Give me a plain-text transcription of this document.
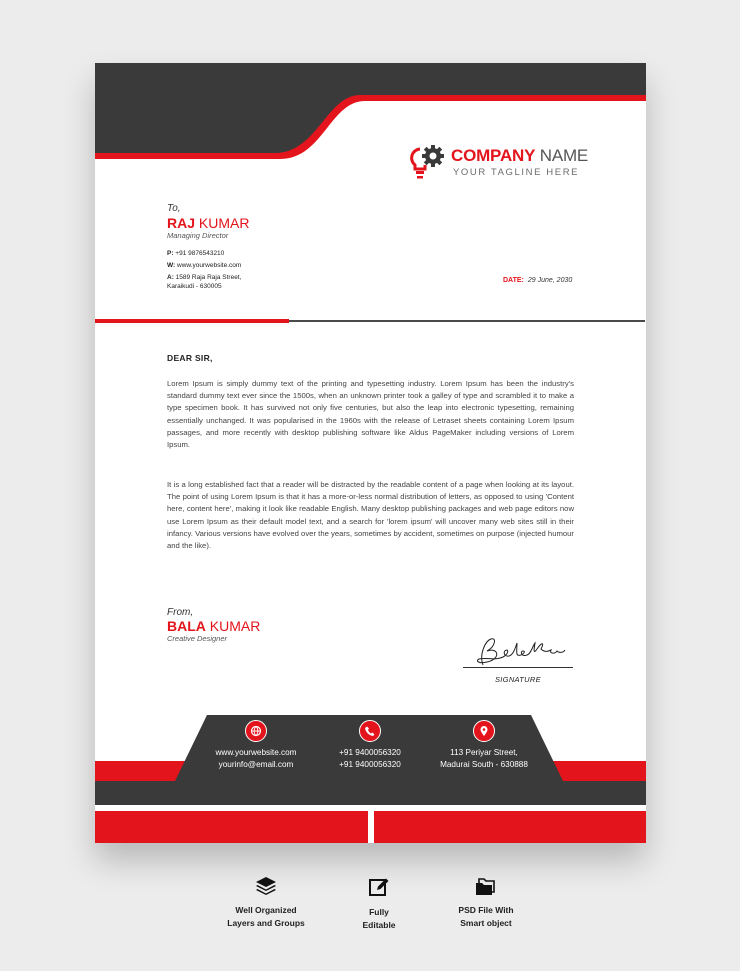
COMPANY NAME
YOUR TAGLINE HERE
To,
RAJ KUMAR
Managing Director
P: +91 9876543210
W: www.yourwebsite.com
A: 1589 Raja Raja Street,
Karaikudi - 630005
DATE: 29 June, 2030
DEAR SIR,
Lorem Ipsum is simply dummy text of the printing and typesetting industry. Lorem Ipsum has been the industry's standard dummy text ever since the 1500s, when an unknown printer took a galley of type and scrambled it to make a type specimen book. It has survived not only five centuries, but also the leap into electronic typesetting, remaining essentially unchanged. It was popularised in the 1960s with the release of Letraset sheets containing Lorem Ipsum passages, and more recently with desktop publishing software like Aldus PageMaker including versions of Lorem Ipsum.
It is a long established fact that a reader will be distracted by the readable content of a page when looking at its layout. The point of using Lorem Ipsum is that it has a more-or-less normal distribution of letters, as opposed to using 'Content here, content here', making it look like readable English. Many desktop publishing packages and web page editors now use Lorem Ipsum as their default model text, and a search for 'lorem ipsum' will uncover many web sites still in their infancy. Various versions have evolved over the years, sometimes by accident, sometimes on purpose (injected humour and the like).
From,
BALA KUMAR
Creative Designer
SIGNATURE
www.yourwebsite.com
yourinfo@email.com
+91 9400056320
+91 9400056320
113 Periyar Street,
Madurai South - 630888
Well Organized
Layers and Groups
Fully
Editable
PSD File With
Smart object
